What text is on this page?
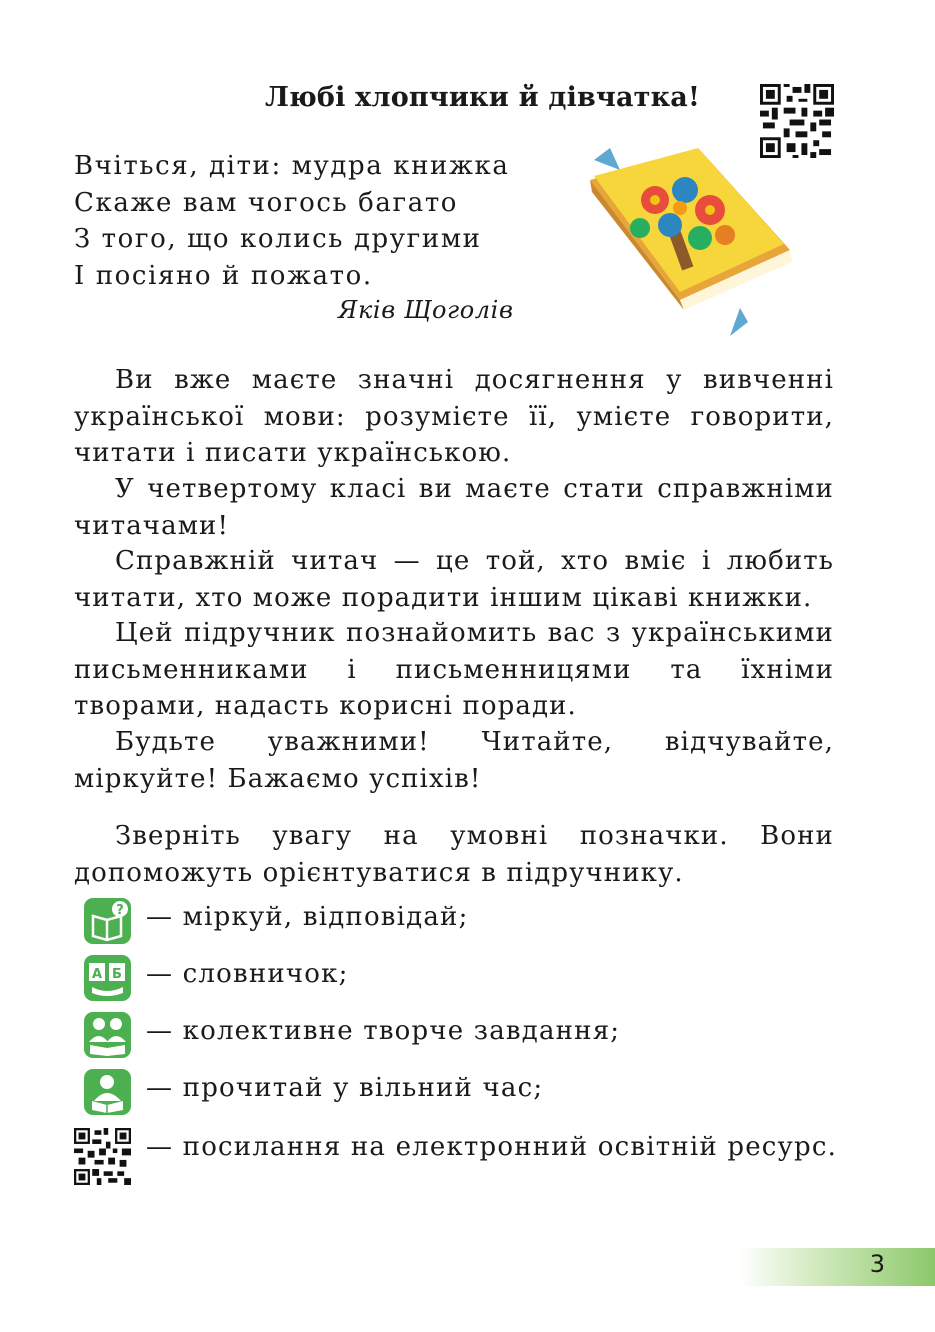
Любі хлопчики й дівчатка!
Вчіться, діти: мудра книжка
Скаже вам чогось багато
З того, що колись другими
І посіяно й пожато.
Яків Щоголів

Ви вже маєте значні досягнення у вивченні української мови: розумієте її, умієте говорити, читати і писати українською.

У четвертому класі ви маєте стати справжніми читачами!

Справжній читач — це той, хто вміє і любить читати, хто може порадити іншим цікаві книжки.

Цей підручник познайомить вас з українськими письменниками і письменницями та їхніми творами, надасть корисні поради.

Будьте уважними! Читайте, відчувайте, міркуйте! Бажаємо успіхів!

Зверніть увагу на умовні позначки. Вони допоможуть орієнтуватися в підручнику.

? — міркуй, відповідай;
A Б — словничок;
— колективне творче завдання;
— прочитай у вільний час;
— посилання на електронний освітній ресурс.
3
